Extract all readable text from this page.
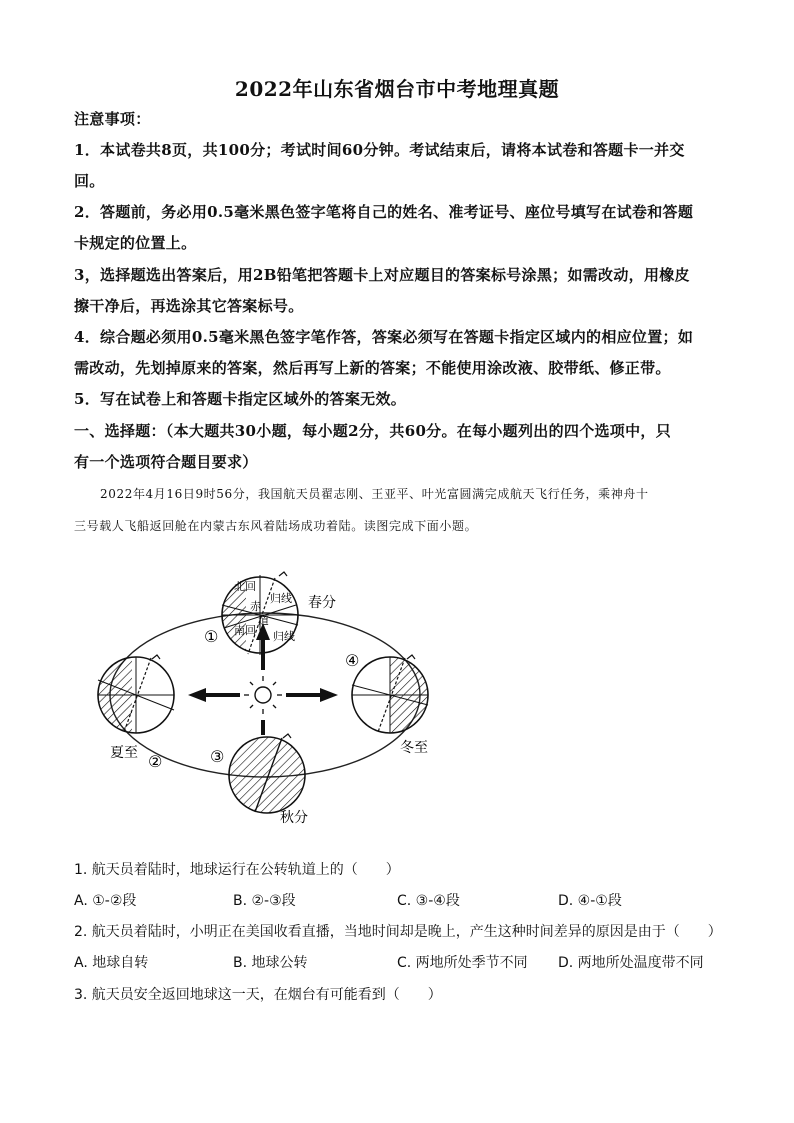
2022年山东省烟台市中考地理真题
注意事项：
1．本试卷共8页，共100分；考试时间60分钟。考试结束后，请将本试卷和答题卡一并交
回。
2．答题前，务必用0.5毫米黑色签字笔将自己的姓名、准考证号、座位号填写在试卷和答题
卡规定的位置上。
3，选择题选出答案后，用2B铅笔把答题卡上对应题目的答案标号涂黑；如需改动，用橡皮
擦干净后，再选涂其它答案标号。
4．综合题必须用0.5毫米黑色签字笔作答，答案必须写在答题卡指定区域内的相应位置；如
需改动，先划掉原来的答案，然后再写上新的答案；不能使用涂改液、胶带纸、修正带。
5．写在试卷上和答题卡指定区域外的答案无效。
一、选择题：（本大题共30小题，每小题2分，共60分。在每小题列出的四个选项中，只
有一个选项符合题目要求）
2022年4月16日9时56分，我国航天员翟志刚、王亚平、叶光富圆满完成航天飞行任务，乘神舟十
三号载人飞船返回舱在内蒙古东风着陆场成功着陆。读图完成下面小题。
北回
归线
赤
道
南回 归线
春分
夏至
秋分
冬至
①
②	③
④
1. 航天员着陆时，地球运行在公转轨道上的（　　）
A. ①-②段	B. ②-③段	C. ③-④段	D. ④-①段
2. 航天员着陆时，小明正在美国收看直播，当地时间却是晚上，产生这种时间差异的原因是由于（　　）
A. 地球自转	B. 地球公转	C. 两地所处季节不同 D. 两地所处温度带不同
3. 航天员安全返回地球这一天，在烟台有可能看到（　　）
